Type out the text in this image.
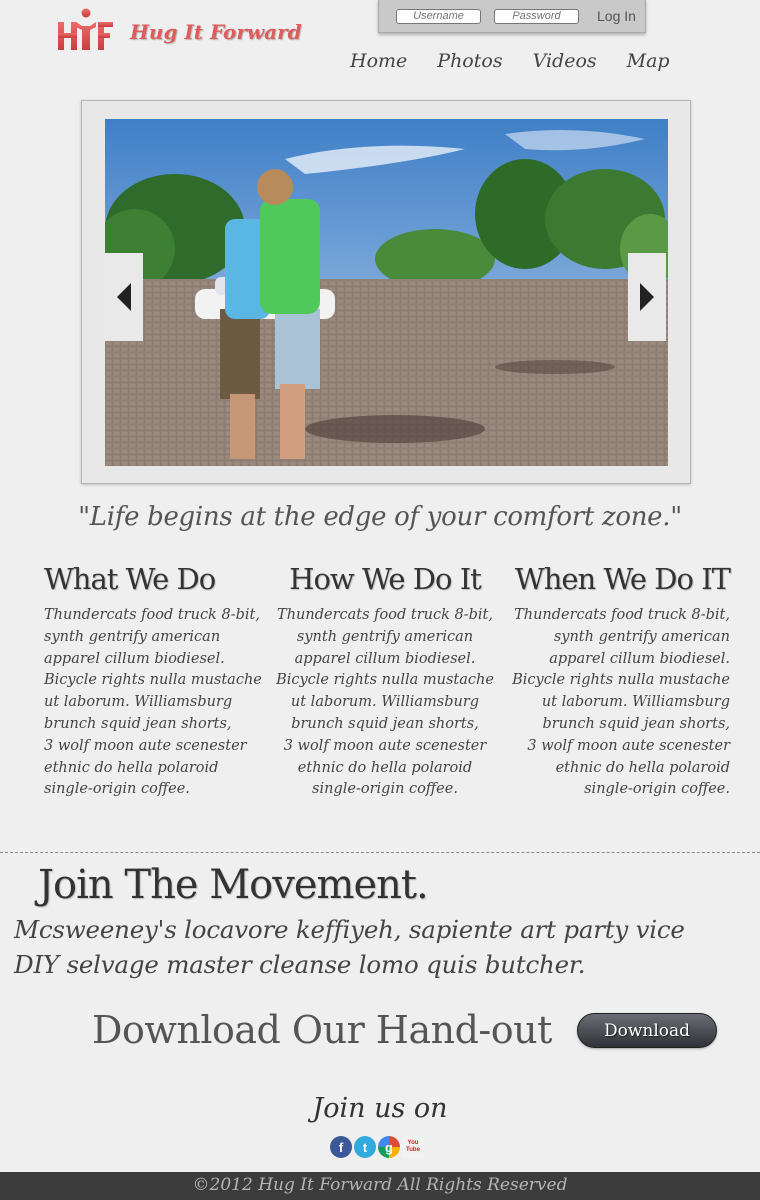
Hug It Forward
Username
Log In
Home Photos Videos Map
"Life begins at the edge of your comfort zone."
What We Do

Thundercats food truck 8-bit,
synth gentrify american
apparel cillum biodiesel.
Bicycle rights nulla mustache
ut laborum. Williamsburg
brunch squid jean shorts,
3 wolf moon aute scenester
ethnic do hella polaroid
single-origin coffee.

How We Do It

Thundercats food truck 8-bit,
synth gentrify american
apparel cillum biodiesel.
Bicycle rights nulla mustache
ut laborum. Williamsburg
brunch squid jean shorts,
3 wolf moon aute scenester
ethnic do hella polaroid
single-origin coffee.

When We Do IT

Thundercats food truck 8-bit,
synth gentrify american
apparel cillum biodiesel.
Bicycle rights nulla mustache
ut laborum. Williamsburg
brunch squid jean shorts,
3 wolf moon aute scenester
ethnic do hella polaroid
single-origin coffee.

Join The Movement.
Mcsweeney's locavore keffiyeh, sapiente art party vice
DIY selvage master cleanse lomo quis butcher.
Download Our Hand-out	Download
Join us on
f	t	g	You Tube
©2012 Hug It Forward All Rights Reserved
